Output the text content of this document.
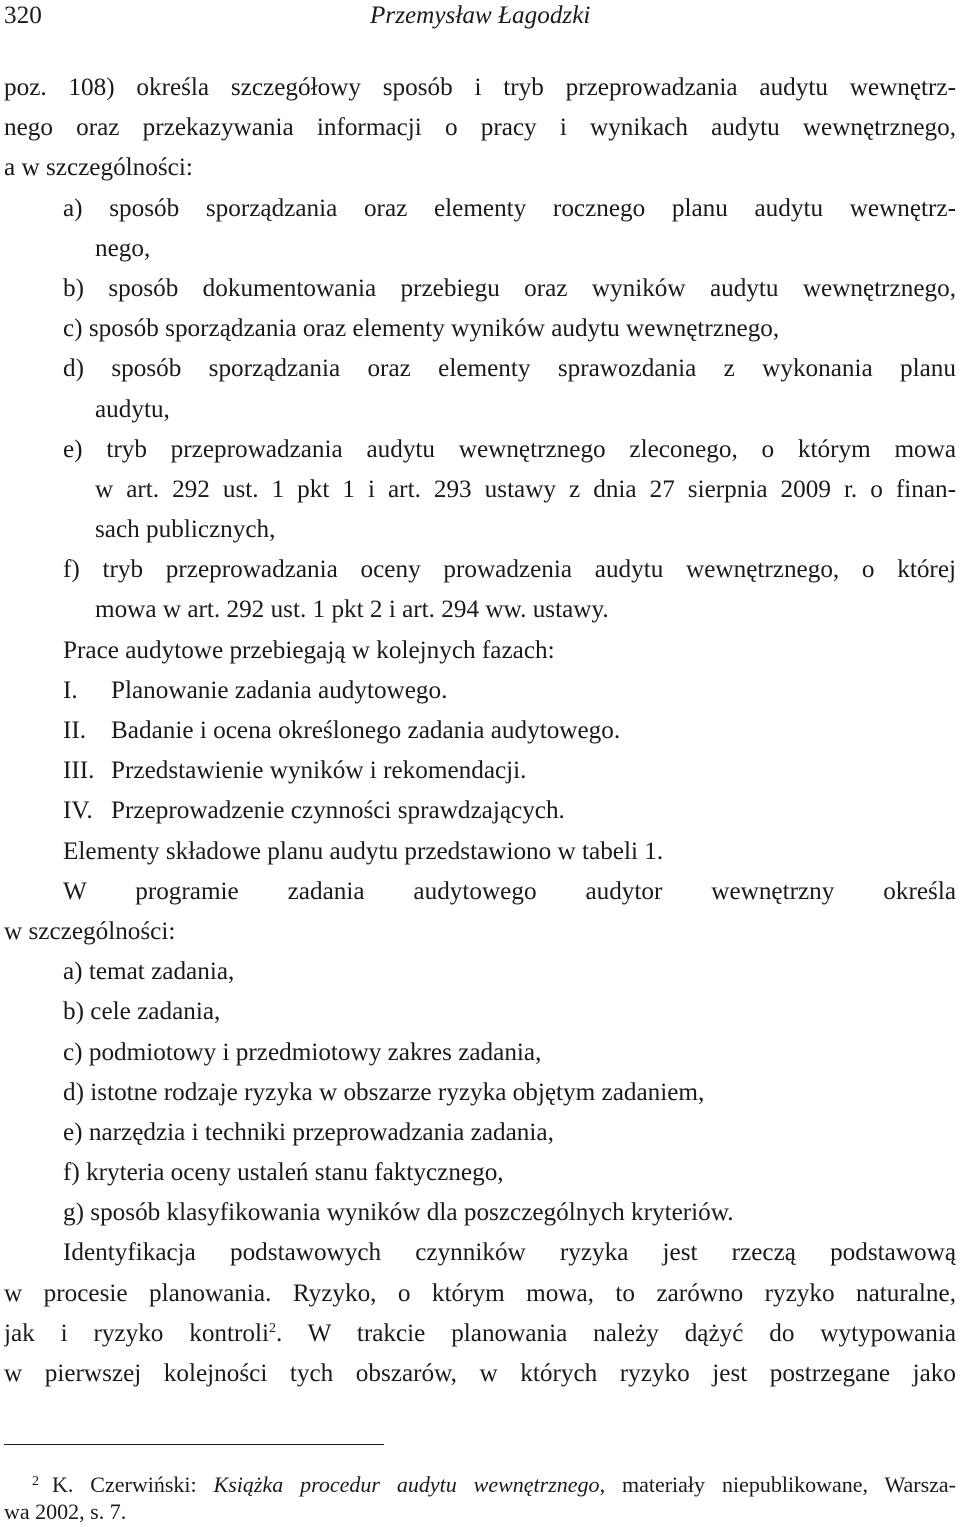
320	Przemysław Łagodzki
poz. 108) określa szczegółowy sposób i tryb przeprowadzania audytu wewnętrz-
nego oraz przekazywania informacji o pracy i wynikach audytu wewnętrznego,
a w szczególności:
a) sposób sporządzania oraz elementy rocznego planu audytu wewnętrz-
nego,
b) sposób dokumentowania przebiegu oraz wyników audytu wewnętrznego,
c) sposób sporządzania oraz elementy wyników audytu wewnętrznego,
d) sposób sporządzania oraz elementy sprawozdania z wykonania planu
audytu,
e) tryb przeprowadzania audytu wewnętrznego zleconego, o którym mowa
w art. 292 ust. 1 pkt 1 i art. 293 ustawy z dnia 27 sierpnia 2009 r. o finan-
sach publicznych,
f) tryb przeprowadzania oceny prowadzenia audytu wewnętrznego, o której
mowa w art. 292 ust. 1 pkt 2 i art. 294 ww. ustawy.
Prace audytowe przebiegają w kolejnych fazach:
I. Planowanie zadania audytowego.
II. Badanie i ocena określonego zadania audytowego.
III. Przedstawienie wyników i rekomendacji.
IV. Przeprowadzenie czynności sprawdzających.
Elementy składowe planu audytu przedstawiono w tabeli 1.
W programie zadania audytowego audytor wewnętrzny określa
w szczególności:
a) temat zadania,
b) cele zadania,
c) podmiotowy i przedmiotowy zakres zadania,
d) istotne rodzaje ryzyka w obszarze ryzyka objętym zadaniem,
e) narzędzia i techniki przeprowadzania zadania,
f) kryteria oceny ustaleń stanu faktycznego,
g) sposób klasyfikowania wyników dla poszczególnych kryteriów.
Identyfikacja podstawowych czynników ryzyka jest rzeczą podstawową
w procesie planowania. Ryzyko, o którym mowa, to zarówno ryzyko naturalne,
jak i ryzyko kontroli$^2$. W trakcie planowania należy dążyć do wytypowania
w pierwszej kolejności tych obszarów, w których ryzyko jest postrzegane jako
2 K. Czerwiński: Książka procedur audytu wewnętrznego, materiały niepublikowane, Warsza-
wa 2002, s. 7.
